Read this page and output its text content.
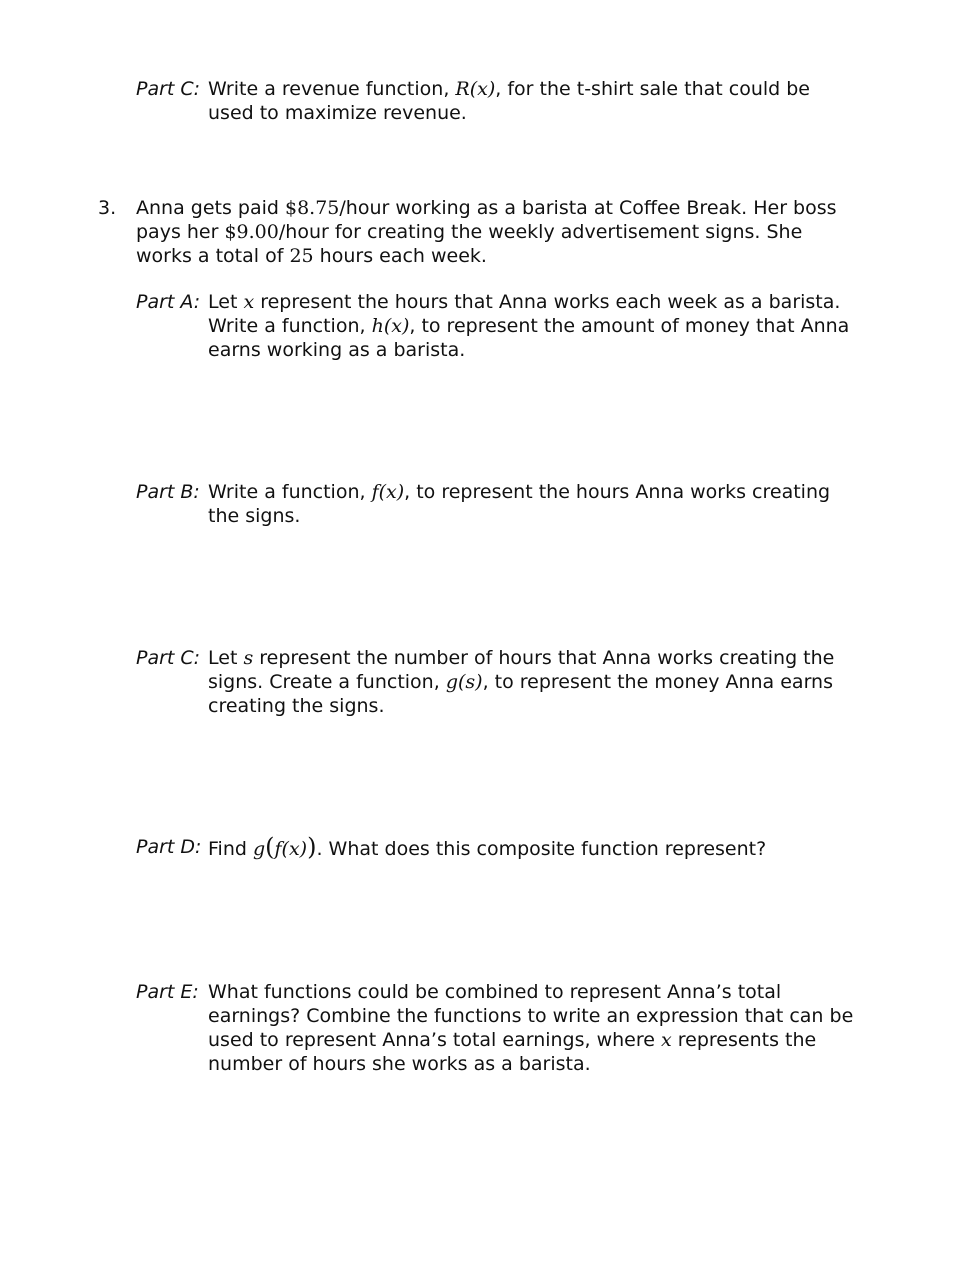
Part C: Write a revenue function, R(x), for the t-shirt sale that could be used to maximize revenue.
3. Anna gets paid $8.75/hour working as a barista at Coffee Break. Her boss pays her $9.00/hour for creating the weekly advertisement signs. She works a total of 25 hours each week.
Part A: Let x represent the hours that Anna works each week as a barista. Write a function, h(x), to represent the amount of money that Anna earns working as a barista.
Part B: Write a function, f(x), to represent the hours Anna works creating the signs.
Part C: Let s represent the number of hours that Anna works creating the signs. Create a function, g(s), to represent the money Anna earns creating the signs.
Part D: Find g(f(x)). What does this composite function represent?
Part E: What functions could be combined to represent Anna’s total earnings? Combine the functions to write an expression that can be used to represent Anna’s total earnings, where x represents the number of hours she works as a barista.
